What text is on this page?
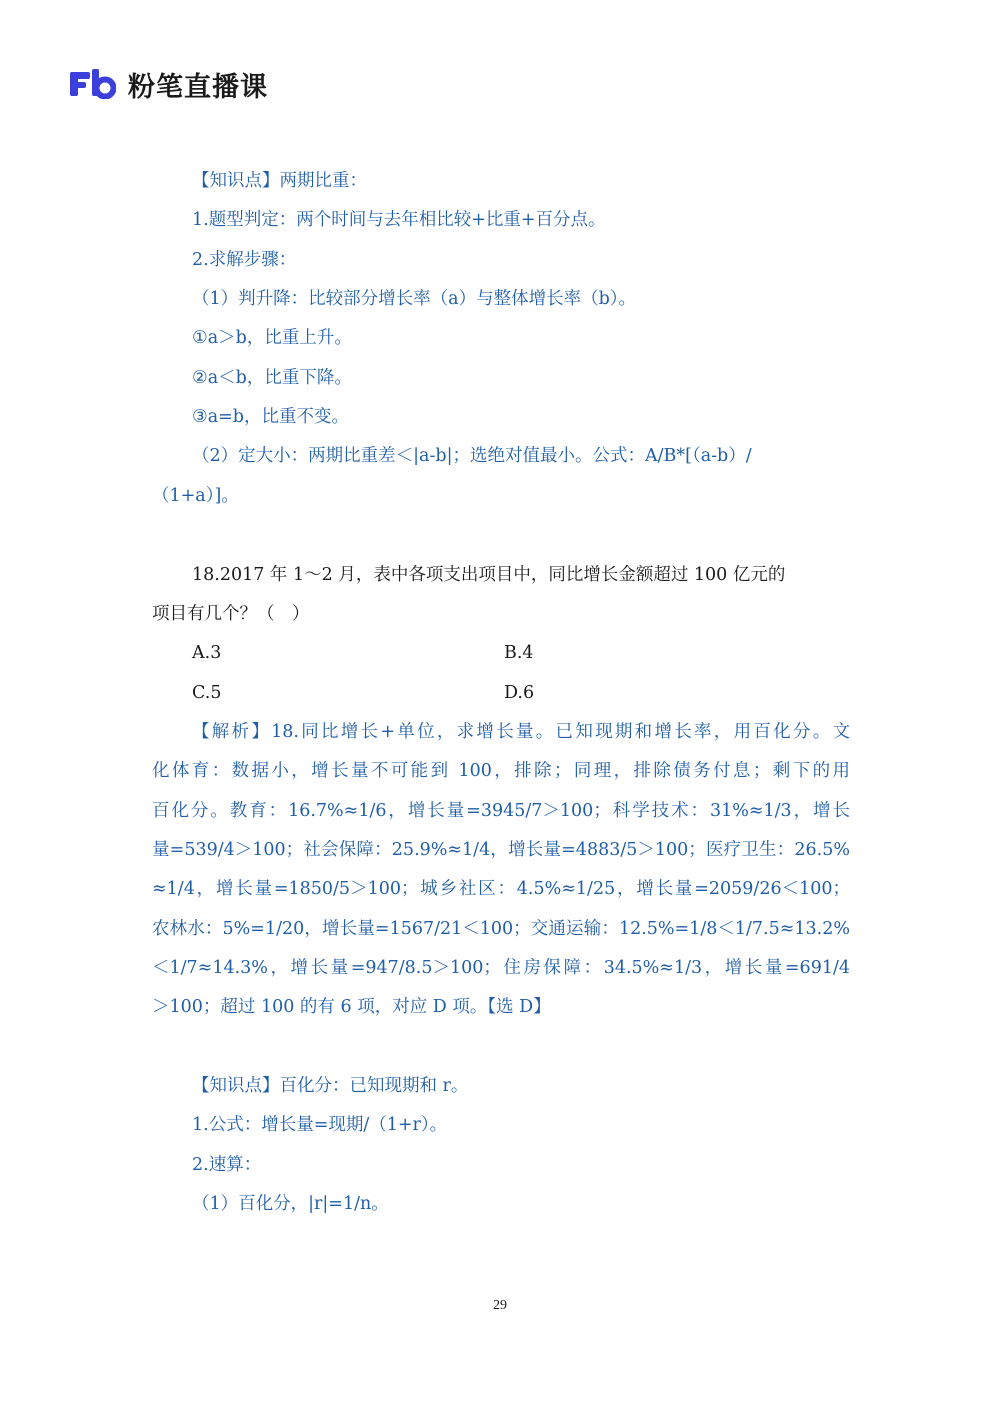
粉笔直播课
【知识点】两期比重：
1.题型判定：两个时间与去年相比较+比重+百分点。
2.求解步骤：
（1）判升降：比较部分增长率（a）与整体增长率（b）。
①a＞b，比重上升。
②a＜b，比重下降。
③a=b，比重不变。
（2）定大小：两期比重差＜|a-b|；选绝对值最小。公式：A/B*[（a-b）/
（1+a）]。
18.2017 年 1～2 月，表中各项支出项目中，同比增长金额超过 100 亿元的
项目有几个？（　）
A.3	B.4
C.5	D.6
【解析】18.同比增长+单位，求增长量。已知现期和增长率，用百化分。文
化体育：数据小，增长量不可能到 100，排除；同理，排除债务付息；剩下的用
百化分。教育：16.7%≈1/6，增长量=3945/7＞100；科学技术：31%≈1/3，增长
量=539/4＞100；社会保障：25.9%≈1/4，增长量=4883/5＞100；医疗卫生：26.5%
≈1/4，增长量=1850/5＞100；城乡社区：4.5%≈1/25，增长量=2059/26＜100；
农林水：5%=1/20，增长量=1567/21＜100；交通运输：12.5%=1/8＜1/7.5≈13.2%
＜1/7≈14.3%，增长量=947/8.5＞100；住房保障：34.5%≈1/3，增长量=691/4
＞100；超过 100 的有 6 项，对应 D 项。【选 D】
【知识点】百化分：已知现期和 r。
1.公式：增长量=现期/（1+r）。
2.速算：
（1）百化分，|r|=1/n。
29
